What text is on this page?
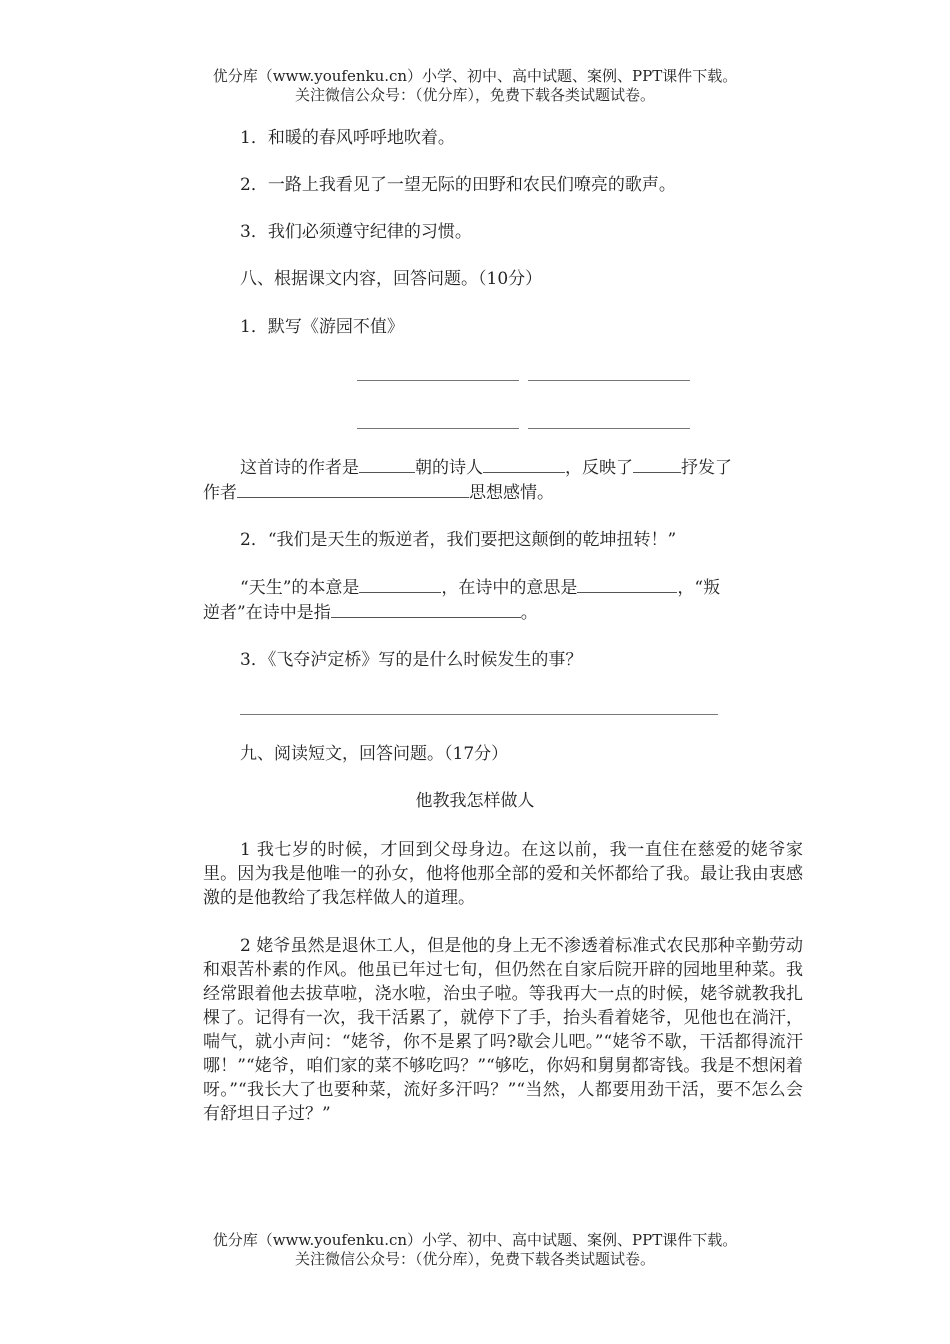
优分库（www.youfenku.cn）小学、初中、高中试题、案例、PPT课件下载。
关注微信公众号：（优分库），免费下载各类试题试卷。
1．和暖的春风呼呼地吹着。
2．一路上我看见了一望无际的田野和农民们嘹亮的歌声。
3．我们必须遵守纪律的习惯。
八、根据课文内容，回答问题。（10分）
1．默写《游园不值》
这首诗的作者是	朝的诗人	，反映了	抒发了
作者	思想感情。
2．“我们是天生的叛逆者，我们要把这颠倒的乾坤扭转！”
“天生”的本意是	，在诗中的意思是	，“叛
逆者”在诗中是指	。
3．《飞夺泸定桥》写的是什么时候发生的事？
九、阅读短文，回答问题。（17分）
他教我怎样做人
1 我七岁的时候，才回到父母身边。在这以前，我一直住在慈爱的姥爷家里。因为我是他唯一的孙女，他将他那全部的爱和关怀都给了我。最让我由衷感激的是他教给了我怎样做人的道理。
2 姥爷虽然是退休工人，但是他的身上无不渗透着标准式农民那种辛勤劳动和艰苦朴素的作风。他虽已年过七旬，但仍然在自家后院开辟的园地里种菜。我经常跟着他去拔草啦，浇水啦，治虫子啦。等我再大一点的时候，姥爷就教我扎棵了。记得有一次，我干活累了，就停下了手，抬头看着姥爷，见他也在淌汗，喘气，就小声问：“姥爷，你不是累了吗?歇会儿吧。”“姥爷不歇，干活都得流汗哪！”“姥爷，咱们家的菜不够吃吗？”“够吃，你妈和舅舅都寄钱。我是不想闲着呀。”“我长大了也要种菜，流好多汗吗？”“当然，人都要用劲干活，要不怎么会有舒坦日子过？”
优分库（www.youfenku.cn）小学、初中、高中试题、案例、PPT课件下载。
关注微信公众号：（优分库），免费下载各类试题试卷。
